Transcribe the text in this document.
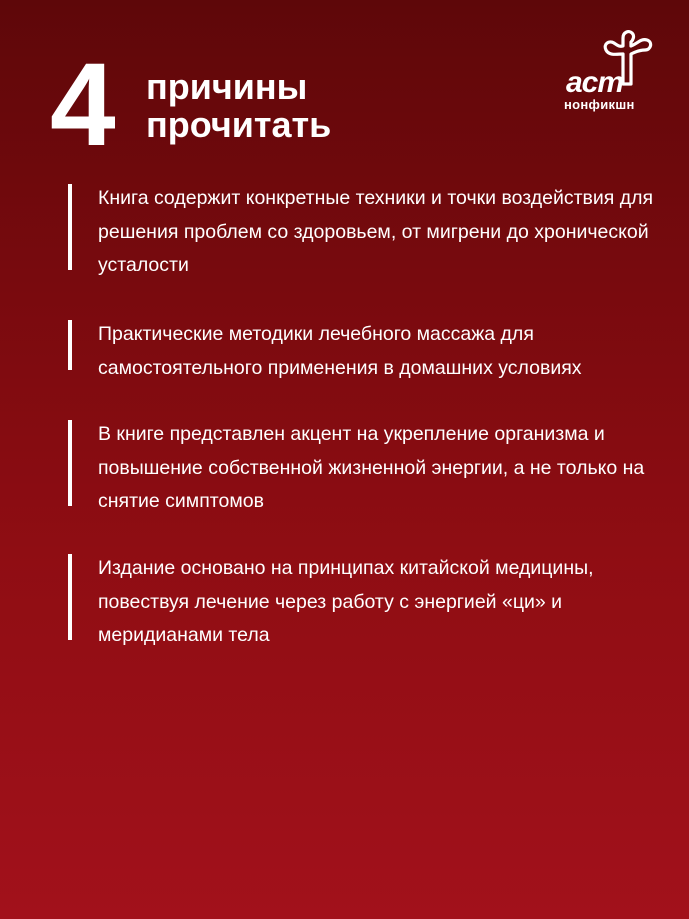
4 причины
прочитать
аст
нонфикшн
Книга содержит конкретные техники и точки воздействия для решения проблем со здоровьем, от мигрени до хронической усталости
Практические методики лечебного массажа для самостоятельного применения в домашних условиях
В книге представлен акцент на укрепление организма и повышение собственной жизненной энергии, а не только на снятие симптомов
Издание основано на принципах китайской медицины, повествуя лечение через работу с энергией «ци» и меридианами тела
